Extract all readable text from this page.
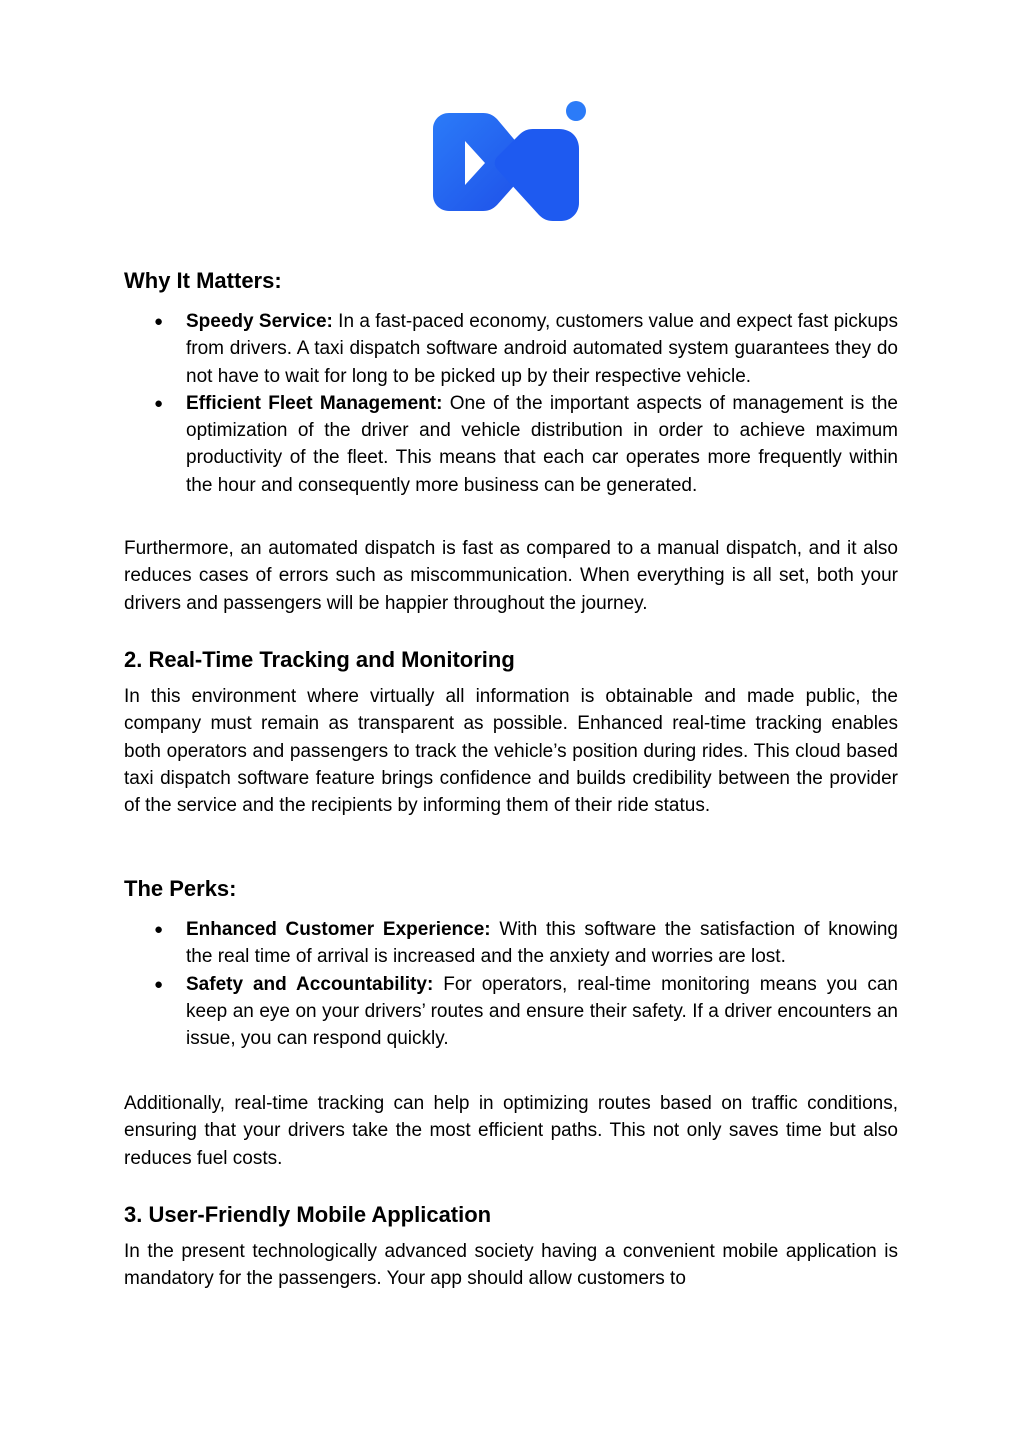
Why It Matters:
● Speedy Service: In a fast-paced economy, customers value and expect fast pickups from drivers. A taxi dispatch software android automated system guarantees they do not have to wait for long to be picked up by their respective vehicle.
● Efficient Fleet Management: One of the important aspects of management is the optimization of the driver and vehicle distribution in order to achieve maximum productivity of the fleet. This means that each car operates more frequently within the hour and consequently more business can be generated.

Furthermore, an automated dispatch is fast as compared to a manual dispatch, and it also reduces cases of errors such as miscommunication. When everything is all set, both your drivers and passengers will be happier throughout the journey.

2. Real-Time Tracking and Monitoring

In this environment where virtually all information is obtainable and made public, the company must remain as transparent as possible. Enhanced real-time tracking enables both operators and passengers to track the vehicle’s position during rides. This cloud based taxi dispatch software feature brings confidence and builds credibility between the provider of the service and the recipients by informing them of their ride status.

The Perks:
● Enhanced Customer Experience: With this software the satisfaction of knowing the real time of arrival is increased and the anxiety and worries are lost.
● Safety and Accountability: For operators, real-time monitoring means you can keep an eye on your drivers’ routes and ensure their safety. If a driver encounters an issue, you can respond quickly.

Additionally, real-time tracking can help in optimizing routes based on traffic conditions, ensuring that your drivers take the most efficient paths. This not only saves time but also reduces fuel costs.

3. User-Friendly Mobile Application

In the present technologically advanced society having a convenient mobile application is mandatory for the passengers. Your app should allow customers to
